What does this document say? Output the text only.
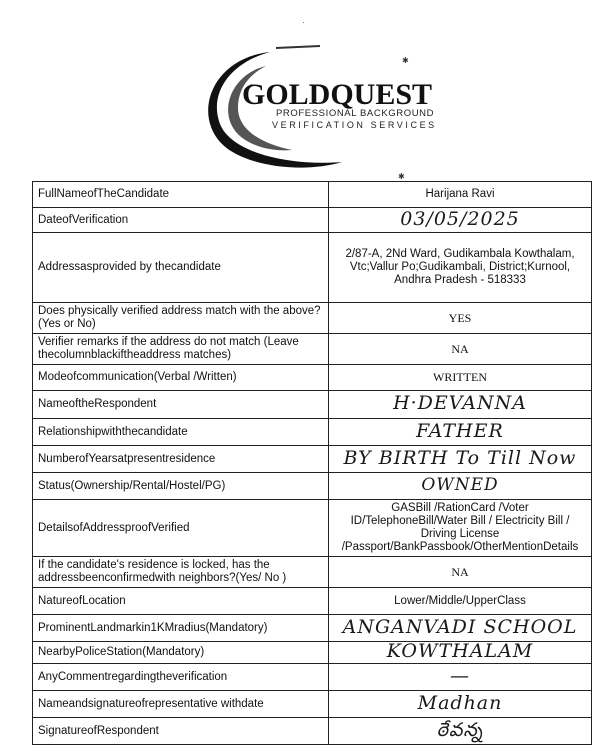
GOLDQUEST
PROFESSIONAL BACKGROUND
VERIFICATION SERVICES
·
✱
✱
FullNameofTheCandidate	Harijana Ravi
DateofVerification	03/05/2025
Addressasprovided by thecandidate	2/87-A, 2Nd Ward, Gudikambala Kowthalam, Vtc;Vallur Po;Gudikambali, District;Kurnool, Andhra Pradesh - 518333
Does physically verified address match with the above?(Yes or No)	YES
Verifier remarks if the address do not match (Leave thecolumnblackiftheaddress matches)	NA
Modeofcommunication(Verbal /Written)	WRITTEN
NameoftheRespondent	H·DEVANNA
Relationshipwiththecandidate	FATHER
NumberofYearsatpresentresidence	BY BIRTH To Till Now
Status(Ownership/Rental/Hostel/PG)	OWNED
DetailsofAddressproofVerified	GASBill /RationCard /Voter ID/TelephoneBill/Water Bill / Electricity Bill / Driving License /Passport/BankPassbook/OtherMentionDetails
If the candidate's residence is locked, has the addressbeenconfirmedwith neighbors?(Yes/ No )	NA
NatureofLocation	Lower/Middle/UpperClass
ProminentLandmarkin1KMradius(Mandatory)	ANGANVADI SCHOOL
NearbyPoliceStation(Mandatory)	KOWTHALAM
AnyCommentregardingtheverification	—
Nameandsignatureofrepresentative withdate	Madhan
SignatureofRespondent	ఠేవన్న
